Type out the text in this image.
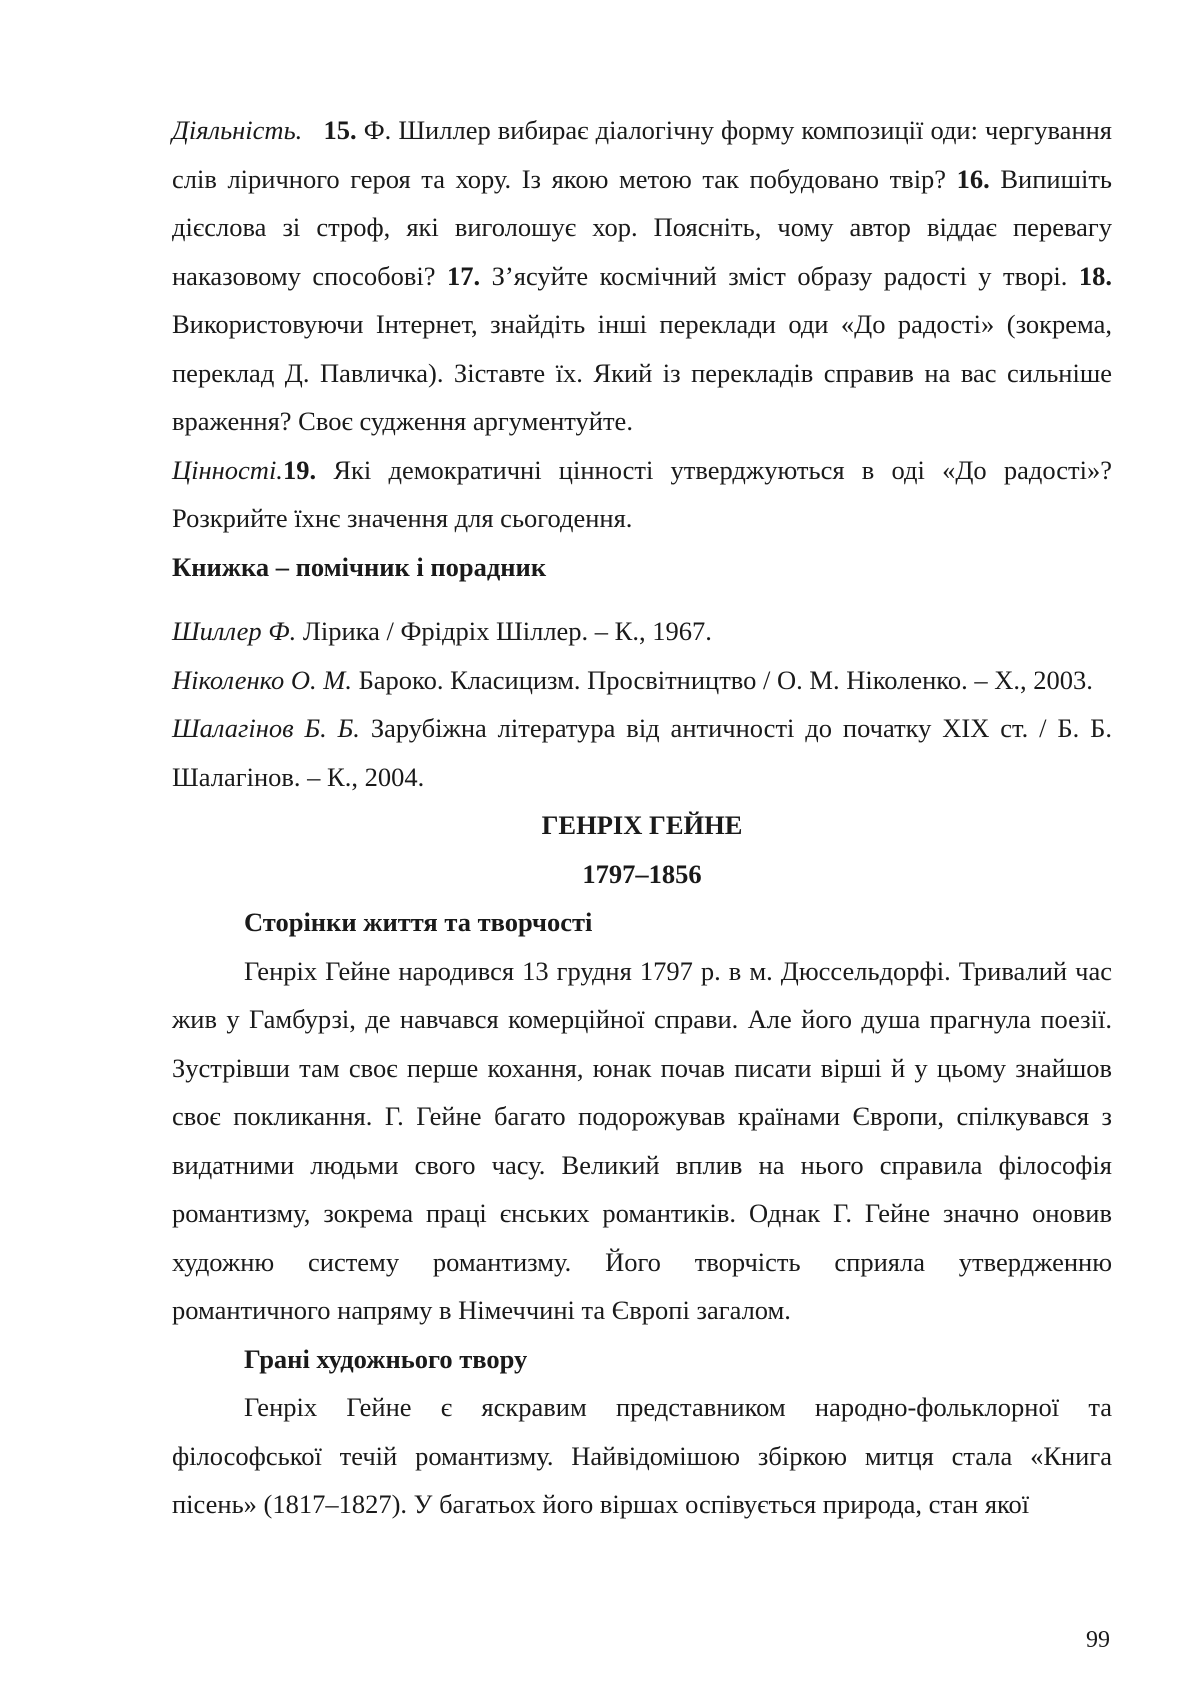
Діяльність. 15. Ф. Шиллер вибирає діалогічну форму композиції оди: чергування слів ліричного героя та хору. Із якою метою так побудовано твір? 16. Випишіть дієслова зі строф, які виголошує хор. Поясніть, чому автор віддає перевагу наказовому способові? 17. З’ясуйте космічний зміст образу радості у творі. 18. Використовуючи Інтернет, знайдіть інші переклади оди «До радості» (зокрема, переклад Д. Павличка). Зіставте їх. Який із перекладів справив на вас сильніше враження? Своє судження аргументуйте.

Цінності.19. Які демократичні цінності утверджуються в оді «До радості»? Розкрийте їхнє значення для сьогодення.

Книжка – помічник і порадник

Шиллер Ф. Лірика / Фрідріх Шіллер. – К., 1967.

Ніколенко О. М. Бароко. Класицизм. Просвітництво / О. М. Ніколенко. – Х., 2003.

Шалагінов Б. Б. Зарубіжна література від античності до початку ХІХ ст. / Б. Б. Шалагінов. – К., 2004.

ГЕНРІХ ГЕЙНЕ

1797–1856

Сторінки життя та творчості

Генріх Гейне народився 13 грудня 1797 р. в м. Дюссельдорфі. Тривалий час жив у Гамбурзі, де навчався комерційної справи. Але його душа прагнула поезії. Зустрівши там своє перше кохання, юнак почав писати вірші й у цьому знайшов своє покликання. Г. Гейне багато подорожував країнами Європи, спілкувався з видатними людьми свого часу. Великий вплив на нього справила філософія романтизму, зокрема праці єнських романтиків. Однак Г. Гейне значно оновив художню систему романтизму. Його творчість сприяла утвердженню романтичного напряму в Німеччині та Європі загалом.

Грані художнього твору

Генріх Гейне є яскравим представником народно-фольклорної та філософської течій романтизму. Найвідомішою збіркою митця стала «Книга пісень» (1817–1827). У багатьох його віршах оспівується природа, стан якої

99
